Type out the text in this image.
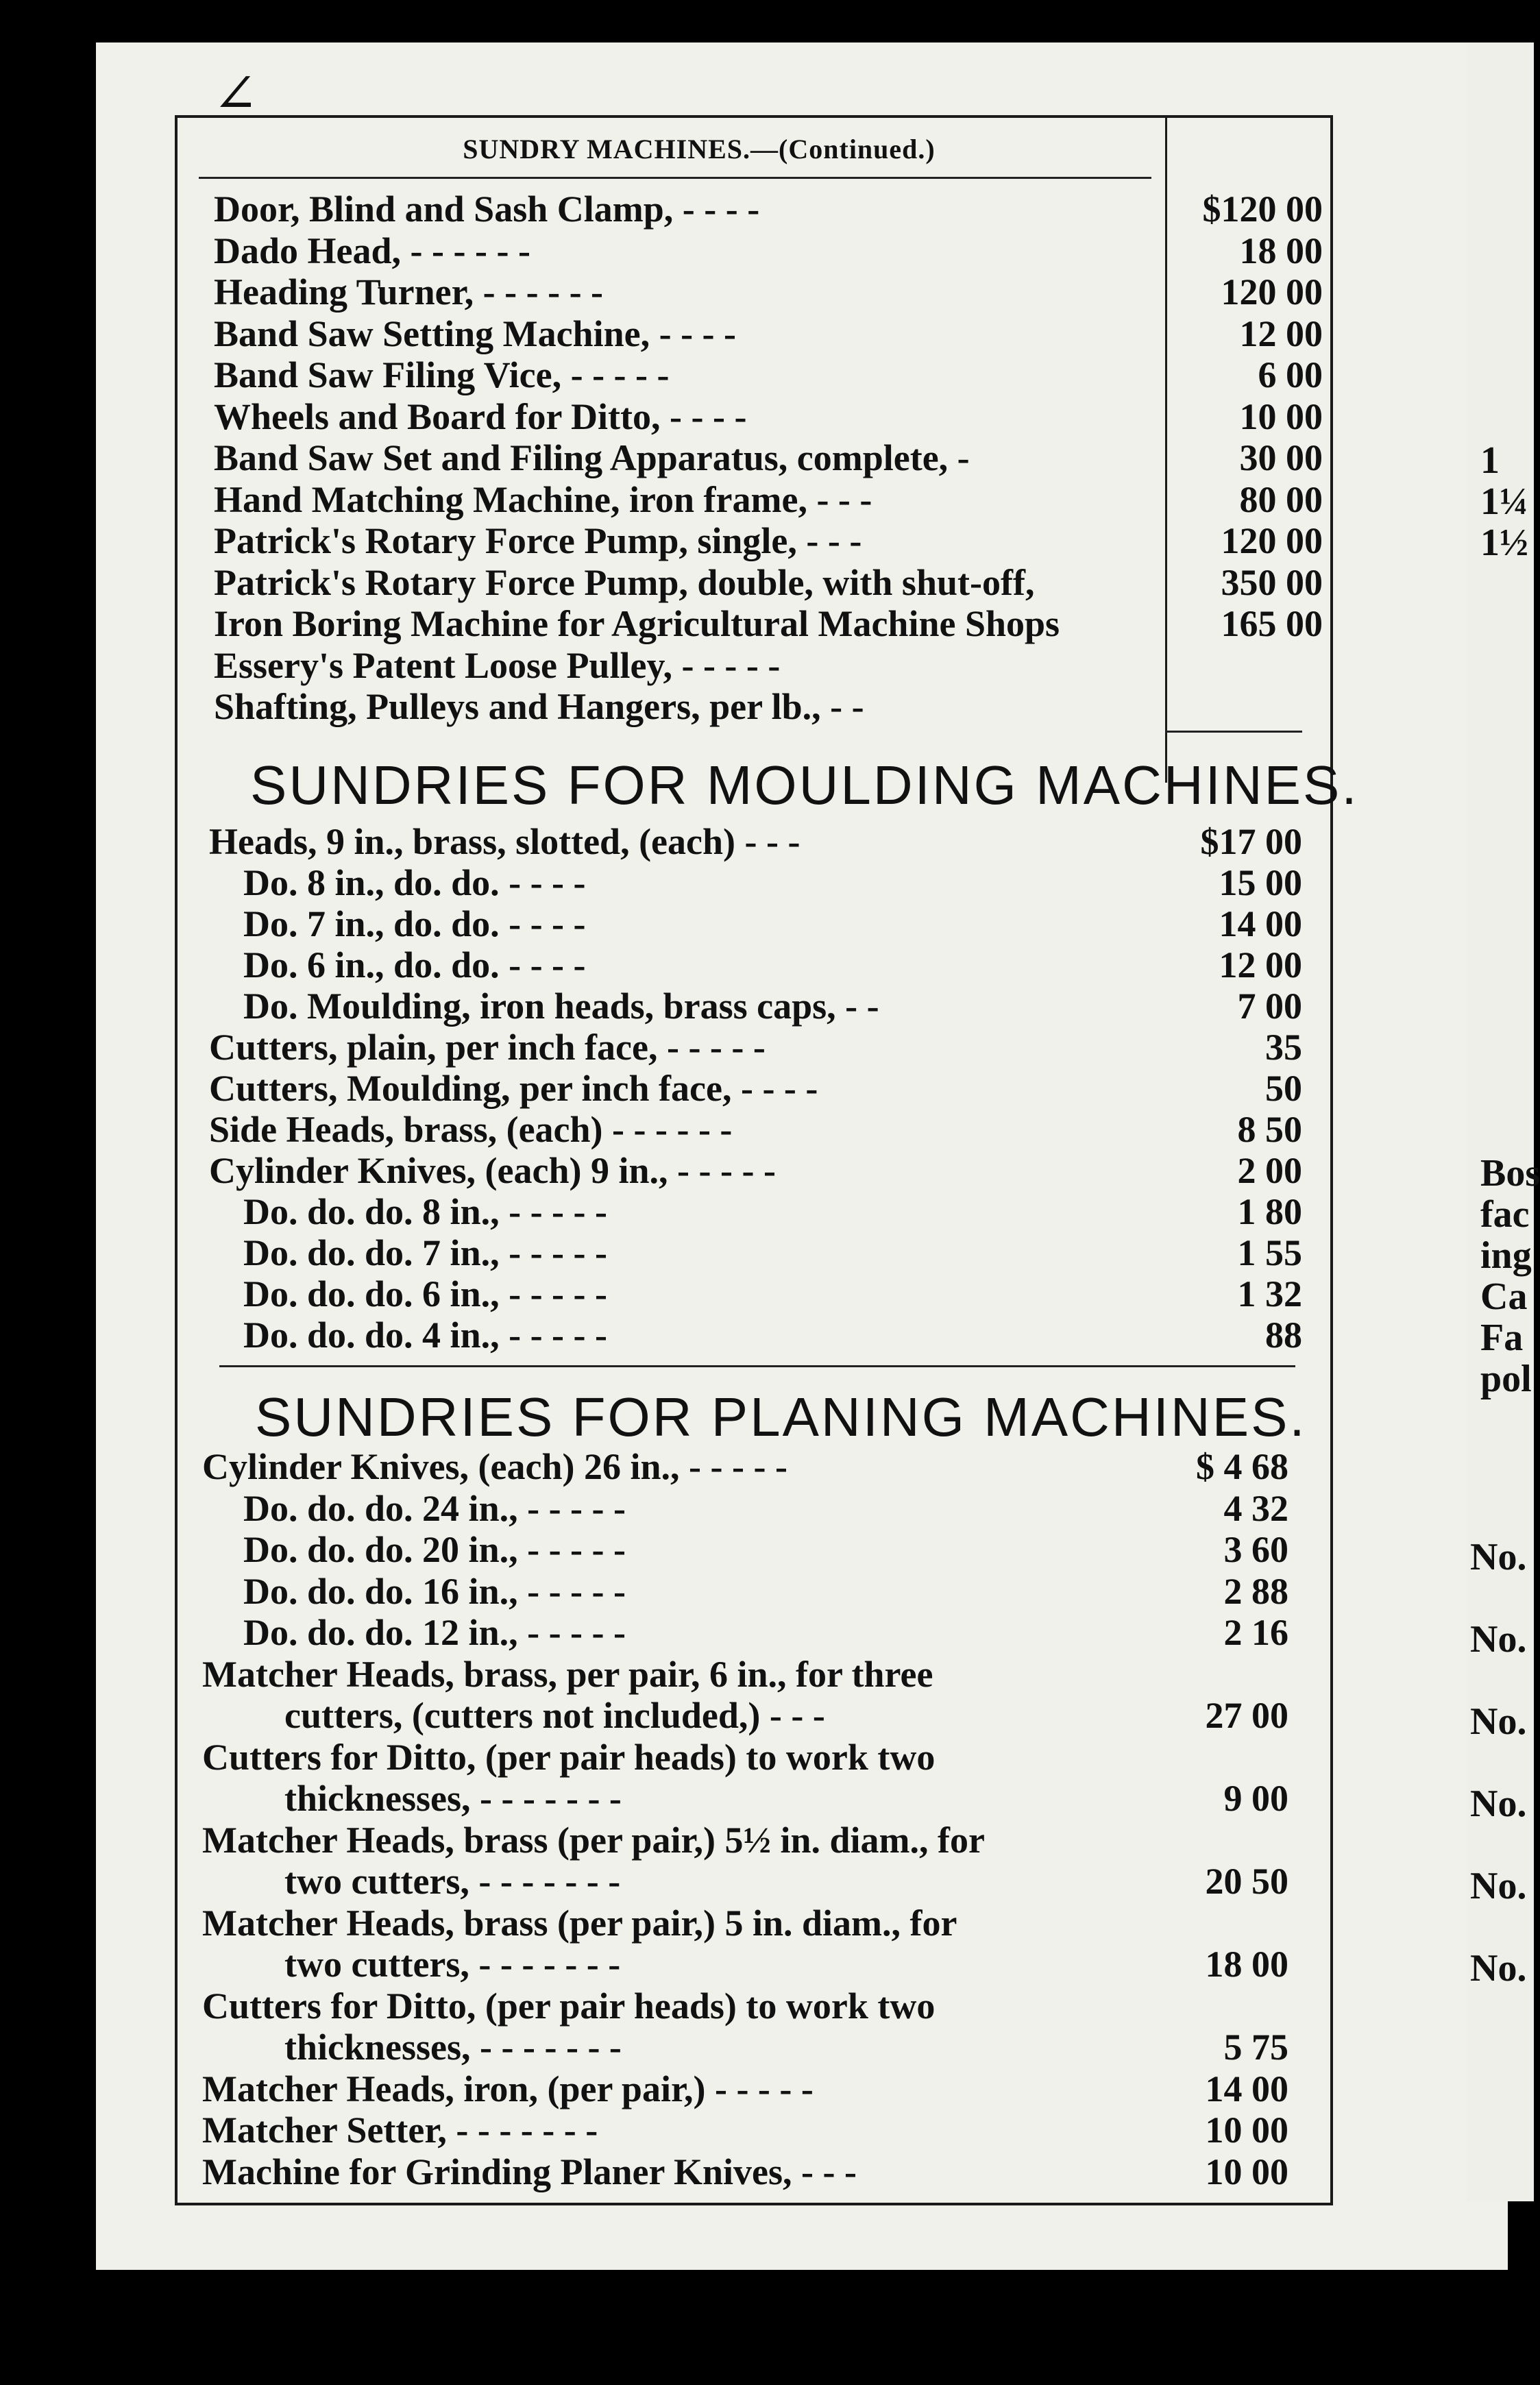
∠
SUNDRY MACHINES.—(Continued.)
Door, Blind and Sash Clamp, - - - -	$120 00
Dado Head, - - - - - -	18 00
Heading Turner, - - - - - -	120 00
Band Saw Setting Machine, - - - -	12 00
Band Saw Filing Vice, - - - - -	6 00
Wheels and Board for Ditto, - - - -	10 00
Band Saw Set and Filing Apparatus, complete, -	30 00
Hand Matching Machine, iron frame, - - -	80 00
Patrick's Rotary Force Pump, single, - - -	120 00
Patrick's Rotary Force Pump, double, with shut-off,	350 00
Iron Boring Machine for Agricultural Machine Shops	165 00
Essery's Patent Loose Pulley, - - - - -
Shafting, Pulleys and Hangers, per lb., - -
SUNDRIES FOR MOULDING MACHINES.
Heads, 9 in., brass, slotted, (each) - - -	$17 00
Do. 8 in., do. do. - - - -	15 00
Do. 7 in., do. do. - - - -	14 00
Do. 6 in., do. do. - - - -	12 00
Do. Moulding, iron heads, brass caps, - -	7 00
Cutters, plain, per inch face, - - - - -	35
Cutters, Moulding, per inch face, - - - -	50
Side Heads, brass, (each) - - - - - -	8 50
Cylinder Knives, (each) 9 in., - - - - -	2 00
Do. do. do. 8 in., - - - - -	1 80
Do. do. do. 7 in., - - - - -	1 55
Do. do. do. 6 in., - - - - -	1 32
Do. do. do. 4 in., - - - - -	88
SUNDRIES FOR PLANING MACHINES.
Cylinder Knives, (each) 26 in., - - - - -	$ 4 68
Do. do. do. 24 in., - - - - -	4 32
Do. do. do. 20 in., - - - - -	3 60
Do. do. do. 16 in., - - - - -	2 88
Do. do. do. 12 in., - - - - -	2 16
Matcher Heads, brass, per pair, 6 in., for three
cutters, (cutters not included,) - - -	27 00
Cutters for Ditto, (per pair heads) to work two
thicknesses, - - - - - - -	9 00
Matcher Heads, brass (per pair,) 5½ in. diam., for
two cutters, - - - - - - -	20 50
Matcher Heads, brass (per pair,) 5 in. diam., for
two cutters, - - - - - - -	18 00
Cutters for Ditto, (per pair heads) to work two
thicknesses, - - - - - - -	5 75
Matcher Heads, iron, (per pair,) - - - - -	14 00
Matcher Setter, - - - - - - -	10 00
Machine for Grinding Planer Knives, - - -	10 00
1
1¼
1½
Bos
fac
ing
Ca
Fa
pol
No.
No.
No.
No.
No.
No.
